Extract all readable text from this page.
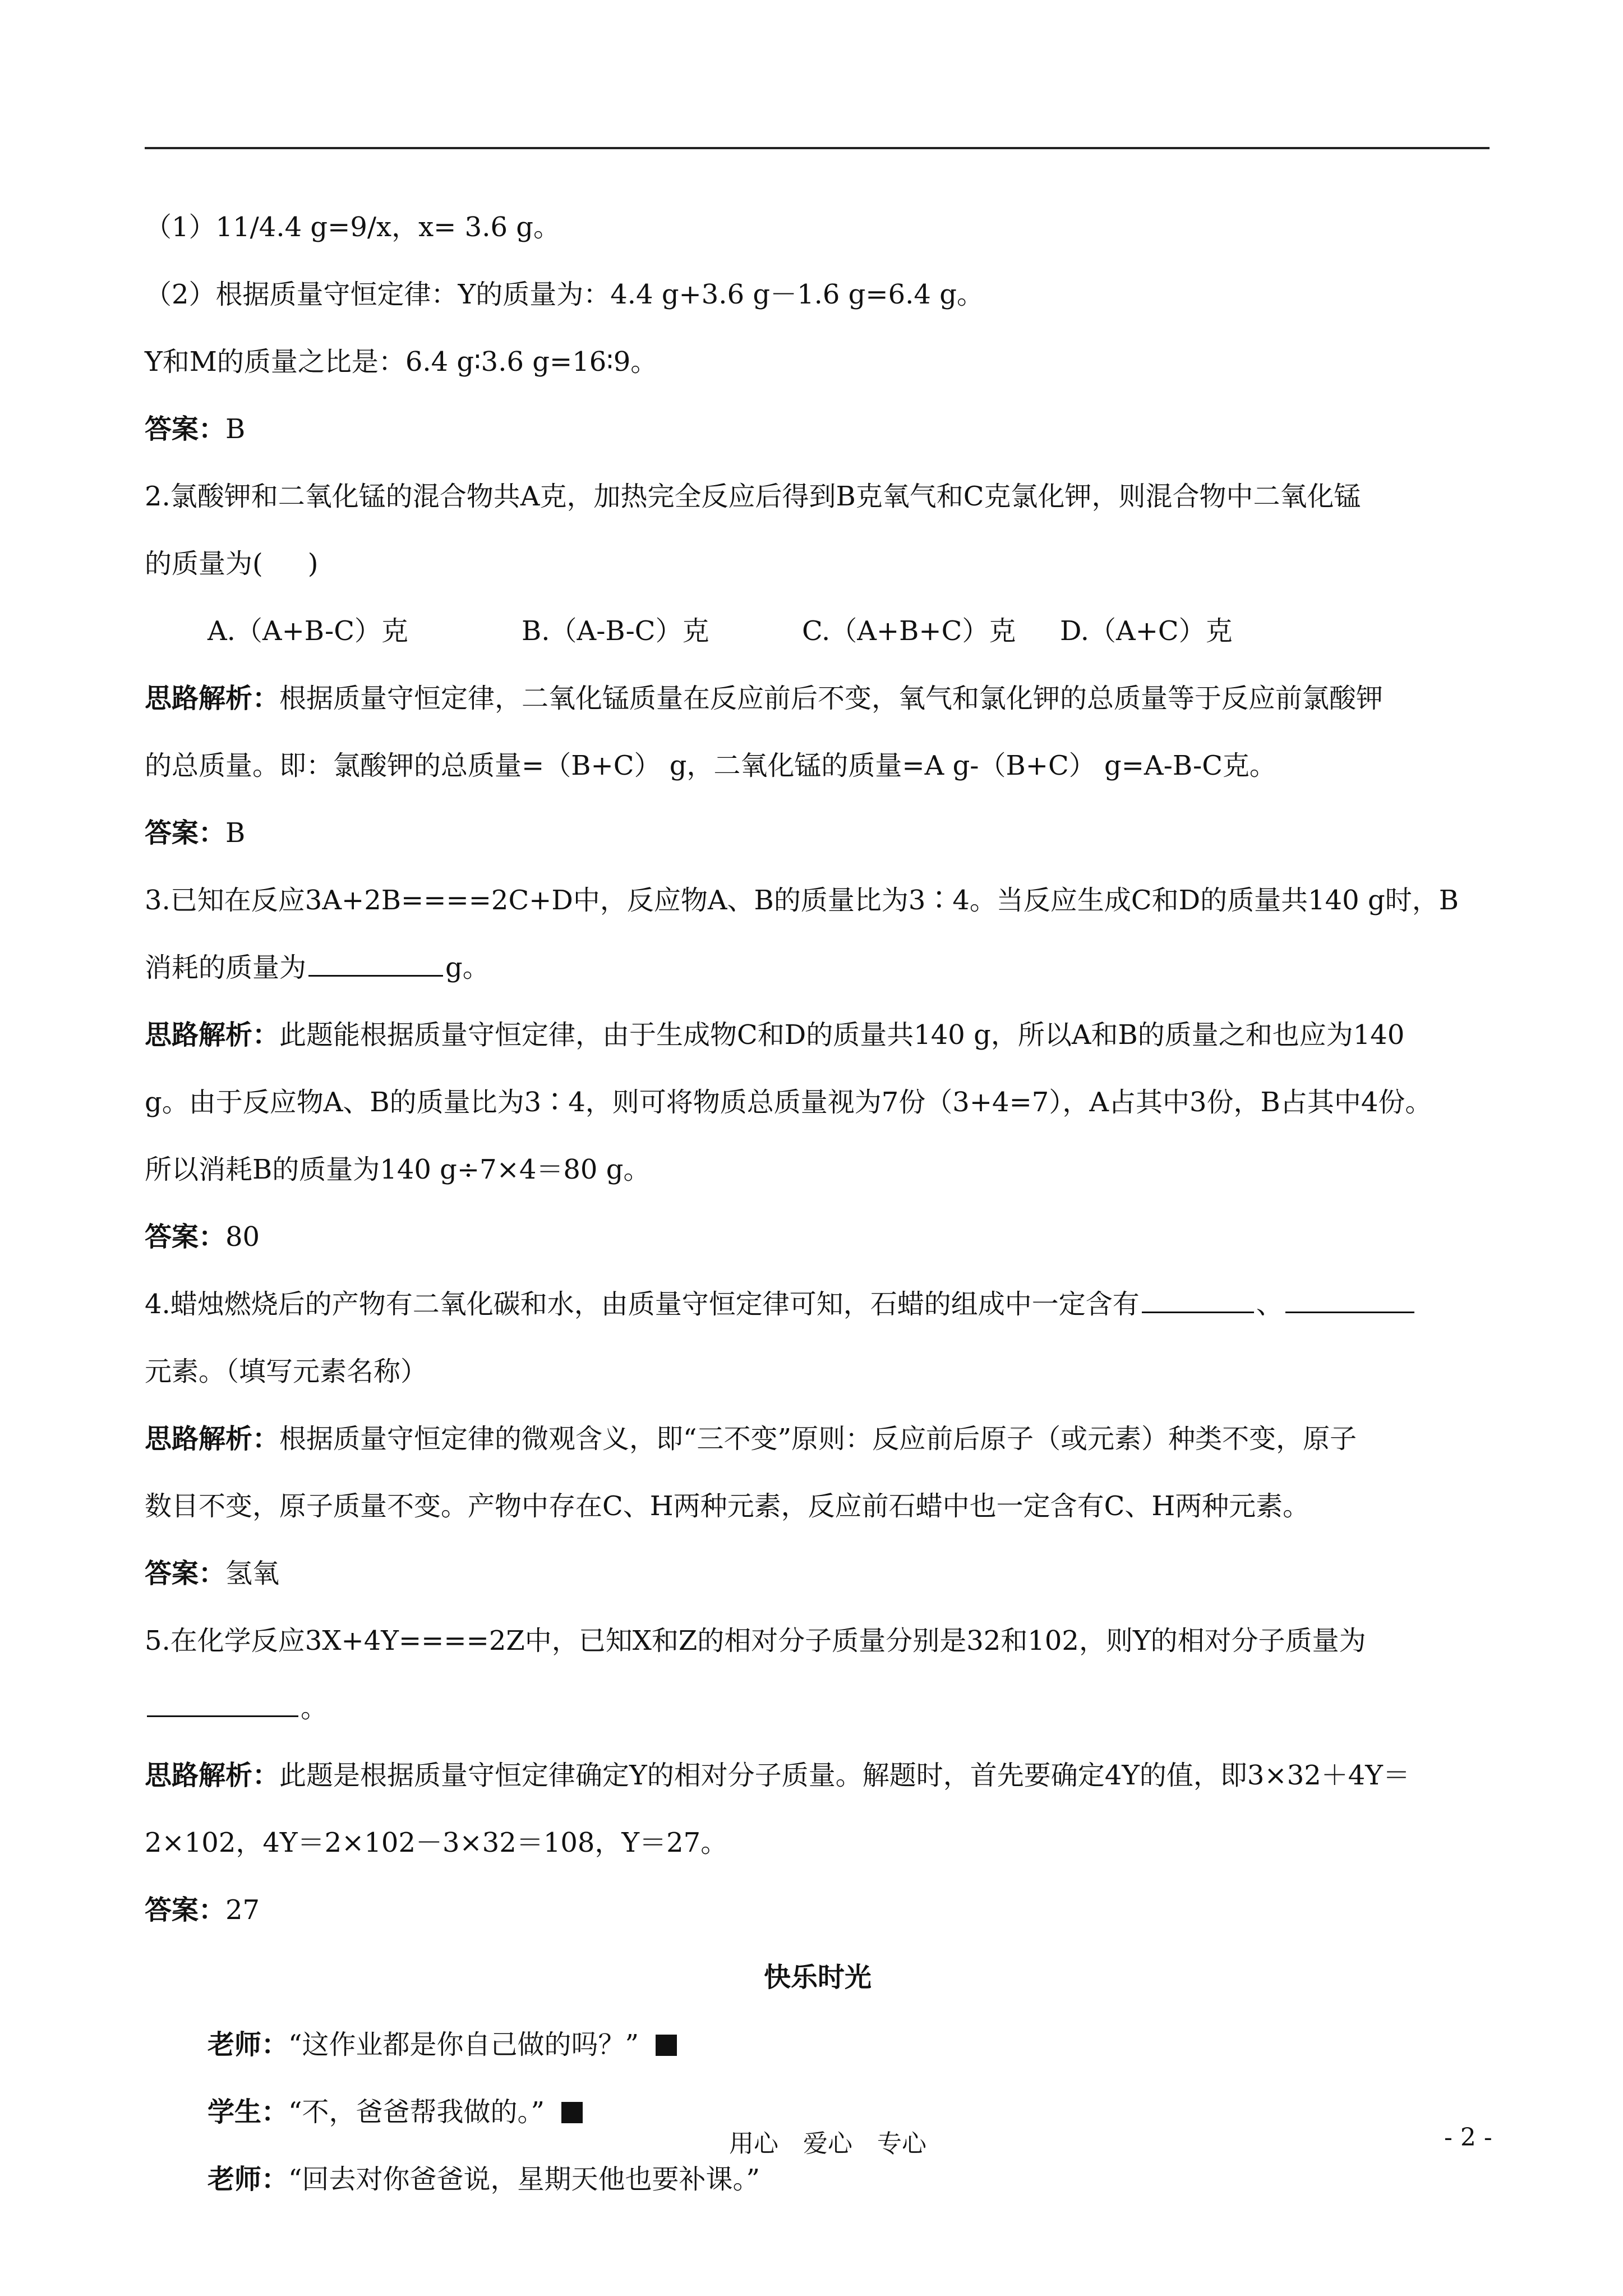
（1）11/4.4 g=9/x，x= 3.6 g。
（2）根据质量守恒定律：Y的质量为：4.4 g+3.6 g－1.6 g=6.4 g。
Y和M的质量之比是：6.4 g∶3.6 g=16∶9。
答案：B
2.氯酸钾和二氧化锰的混合物共A克，加热完全反应后得到B克氧气和C克氯化钾，则混合物中二氧化锰
的质量为( )
A.（A+B-C）克	B.（A-B-C）克	C.（A+B+C）克 D.（A+C）克
思路解析：根据质量守恒定律，二氧化锰质量在反应前后不变，氧气和氯化钾的总质量等于反应前氯酸钾
的总质量。即：氯酸钾的总质量=（B+C） g，二氧化锰的质量=A g-（B+C） g=A-B-C克。
答案：B
3.已知在反应3A+2B====2C+D中，反应物A、B的质量比为3∶4。当反应生成C和D的质量共140 g时，B
消耗的质量为	g。
思路解析：此题能根据质量守恒定律，由于生成物C和D的质量共140 g，所以A和B的质量之和也应为140
g。由于反应物A、B的质量比为3∶4，则可将物质总质量视为7份（3+4=7），A占其中3份，B占其中4份。
所以消耗B的质量为140 g÷7×4＝80 g。
答案：80
4.蜡烛燃烧后的产物有二氧化碳和水，由质量守恒定律可知，石蜡的组成中一定含有	、
元素。（填写元素名称）
思路解析：根据质量守恒定律的微观含义，即“三不变”原则：反应前后原子（或元素）种类不变，原子
数目不变，原子质量不变。产物中存在C、H两种元素，反应前石蜡中也一定含有C、H两种元素。
答案：氢氧
5.在化学反应3X+4Y====2Z中，已知X和Z的相对分子质量分别是32和102，则Y的相对分子质量为
。
思路解析：此题是根据质量守恒定律确定Y的相对分子质量。解题时，首先要确定4Y的值，即3×32＋4Y＝
2×102，4Y＝2×102－3×32＝108，Y＝27。
答案：27
快乐时光
老师：“这作业都是你自己做的吗？”
学生：“不，爸爸帮我做的。”
老师：“回去对你爸爸说，星期天他也要补课。”
用心　爱心　专心	- 2 -
